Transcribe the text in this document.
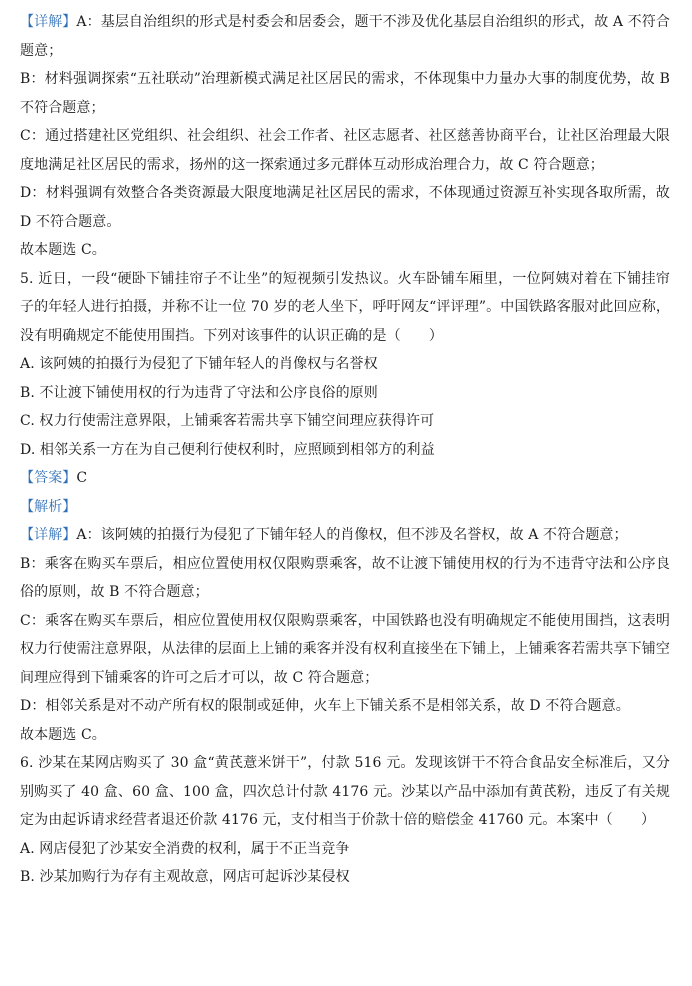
【详解】A：基层自治组织的形式是村委会和居委会，题干不涉及优化基层自治组织的形式，故 A 不符合题意；

B：材料强调探索“五社联动”治理新模式满足社区居民的需求，不体现集中力量办大事的制度优势，故 B 不符合题意；

C：通过搭建社区党组织、社会组织、社会工作者、社区志愿者、社区慈善协商平台，让社区治理最大限度地满足社区居民的需求，扬州的这一探索通过多元群体互动形成治理合力，故 C 符合题意；

D：材料强调有效整合各类资源最大限度地满足社区居民的需求，不体现通过资源互补实现各取所需，故 D 不符合题意。

故本题选 C。

5. 近日，一段“硬卧下铺挂帘子不让坐”的短视频引发热议。火车卧铺车厢里，一位阿姨对着在下铺挂帘子的年轻人进行拍摄，并称不让一位 70 岁的老人坐下，呼吁网友“评评理”。中国铁路客服对此回应称，没有明确规定不能使用围挡。下列对该事件的认识正确的是（　　）

A. 该阿姨的拍摄行为侵犯了下铺年轻人的肖像权与名誉权

B. 不让渡下铺使用权的行为违背了守法和公序良俗的原则

C. 权力行使需注意界限，上铺乘客若需共享下铺空间理应获得许可

D. 相邻关系一方在为自己便利行使权利时，应照顾到相邻方的利益

【答案】C

【解析】

【详解】A：该阿姨的拍摄行为侵犯了下铺年轻人的肖像权，但不涉及名誉权，故 A 不符合题意；

B：乘客在购买车票后，相应位置使用权仅限购票乘客，故不让渡下铺使用权的行为不违背守法和公序良俗的原则，故 B 不符合题意；

C：乘客在购买车票后，相应位置使用权仅限购票乘客，中国铁路也没有明确规定不能使用围挡，这表明权力行使需注意界限，从法律的层面上上铺的乘客并没有权利直接坐在下铺上，上铺乘客若需共享下铺空间理应得到下铺乘客的许可之后才可以，故 C 符合题意；

D：相邻关系是对不动产所有权的限制或延伸，火车上下铺关系不是相邻关系，故 D 不符合题意。

故本题选 C。

6. 沙某在某网店购买了 30 盒“黄芪薏米饼干”，付款 516 元。发现该饼干不符合食品安全标准后，又分别购买了 40 盒、60 盒、100 盒，四次总计付款 4176 元。沙某以产品中添加有黄芪粉，违反了有关规定为由起诉请求经营者退还价款 4176 元，支付相当于价款十倍的赔偿金 41760 元。本案中（　　）

A. 网店侵犯了沙某安全消费的权利，属于不正当竞争

B. 沙某加购行为存有主观故意，网店可起诉沙某侵权
